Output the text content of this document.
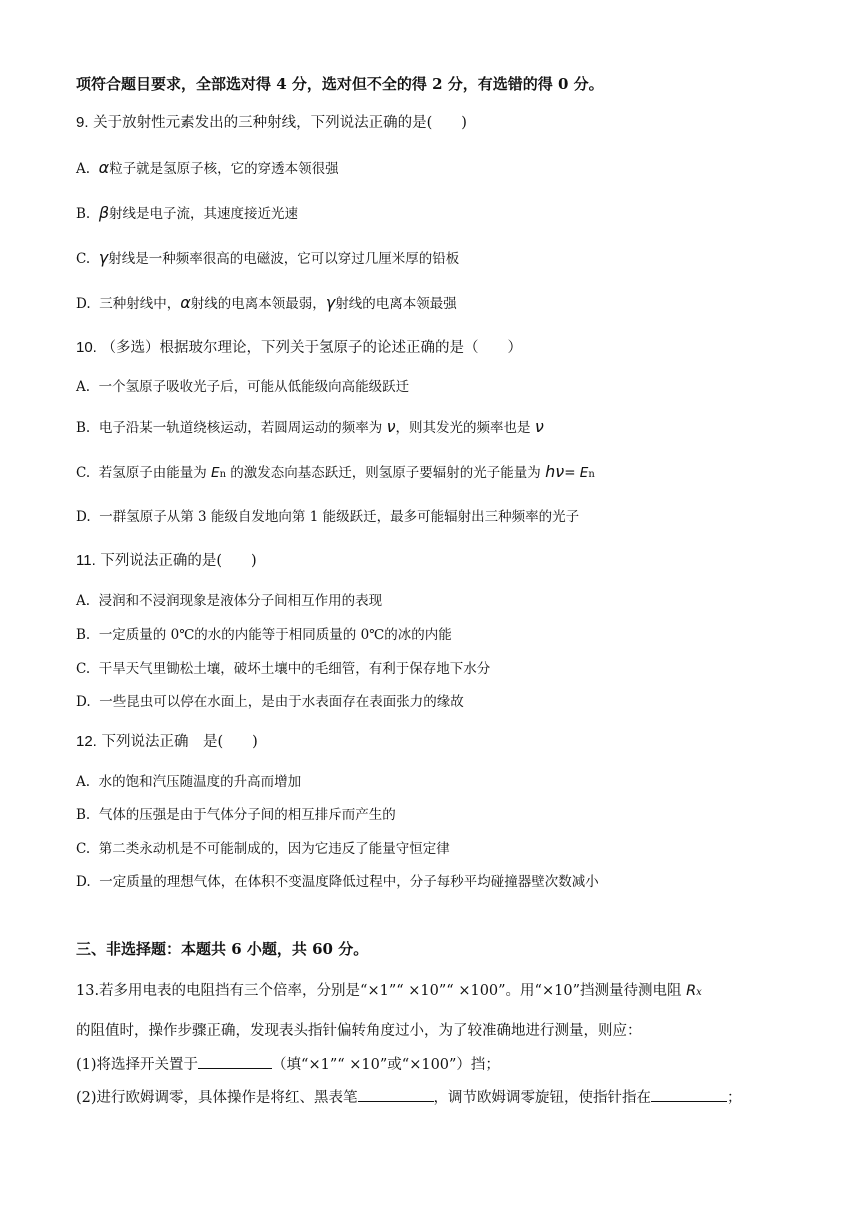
项符合题目要求，全部选对得 4 分，选对但不全的得 2 分，有选错的得 0 分。
9. 关于放射性元素发出的三种射线，下列说法正确的是(　　)
A. α粒子就是氢原子核，它的穿透本领很强
B. β射线是电子流，其速度接近光速
C. γ射线是一种频率很高的电磁波，它可以穿过几厘米厚的铅板
D. 三种射线中，α射线的电离本领最弱，γ射线的电离本领最强
10. （多选）根据玻尔理论，下列关于氢原子的论述正确的是（　　）
A. 一个氢原子吸收光子后，可能从低能级向高能级跃迁
B. 电子沿某一轨道绕核运动，若圆周运动的频率为 ν，则其发光的频率也是 ν
C. 若氢原子由能量为 En 的激发态向基态跃迁，则氢原子要辐射的光子能量为 hν= En
D. 一群氢原子从第 3 能级自发地向第 1 能级跃迁，最多可能辐射出三种频率的光子
11. 下列说法正确的是(　　)
A. 浸润和不浸润现象是液体分子间相互作用的表现
B. 一定质量的 0℃的水的内能等于相同质量的 0℃的冰的内能
C. 干旱天气里锄松土壤，破坏土壤中的毛细管，有利于保存地下水分
D. 一些昆虫可以停在水面上，是由于水表面存在表面张力的缘故
12. 下列说法正确　是(　　)
A. 水的饱和汽压随温度的升高而增加
B. 气体的压强是由于气体分子间的相互排斥而产生的
C. 第二类永动机是不可能制成的，因为它违反了能量守恒定律
D. 一定质量的理想气体，在体积不变温度降低过程中，分子每秒平均碰撞器壁次数减小
三、非选择题：本题共 6 小题，共 60 分。
13.若多用电表的电阻挡有三个倍率，分别是“×1”“ ×10”“ ×100”。用“×10”挡测量待测电阻 Rx
的阻值时，操作步骤正确，发现表头指针偏转角度过小，为了较准确地进行测量，则应：
(1)将选择开关置于	（填“×1”“ ×10”或“×100”）挡；
(2)进行欧姆调零，具体操作是将红、黑表笔	，调节欧姆调零旋钮，使指针指在	；
